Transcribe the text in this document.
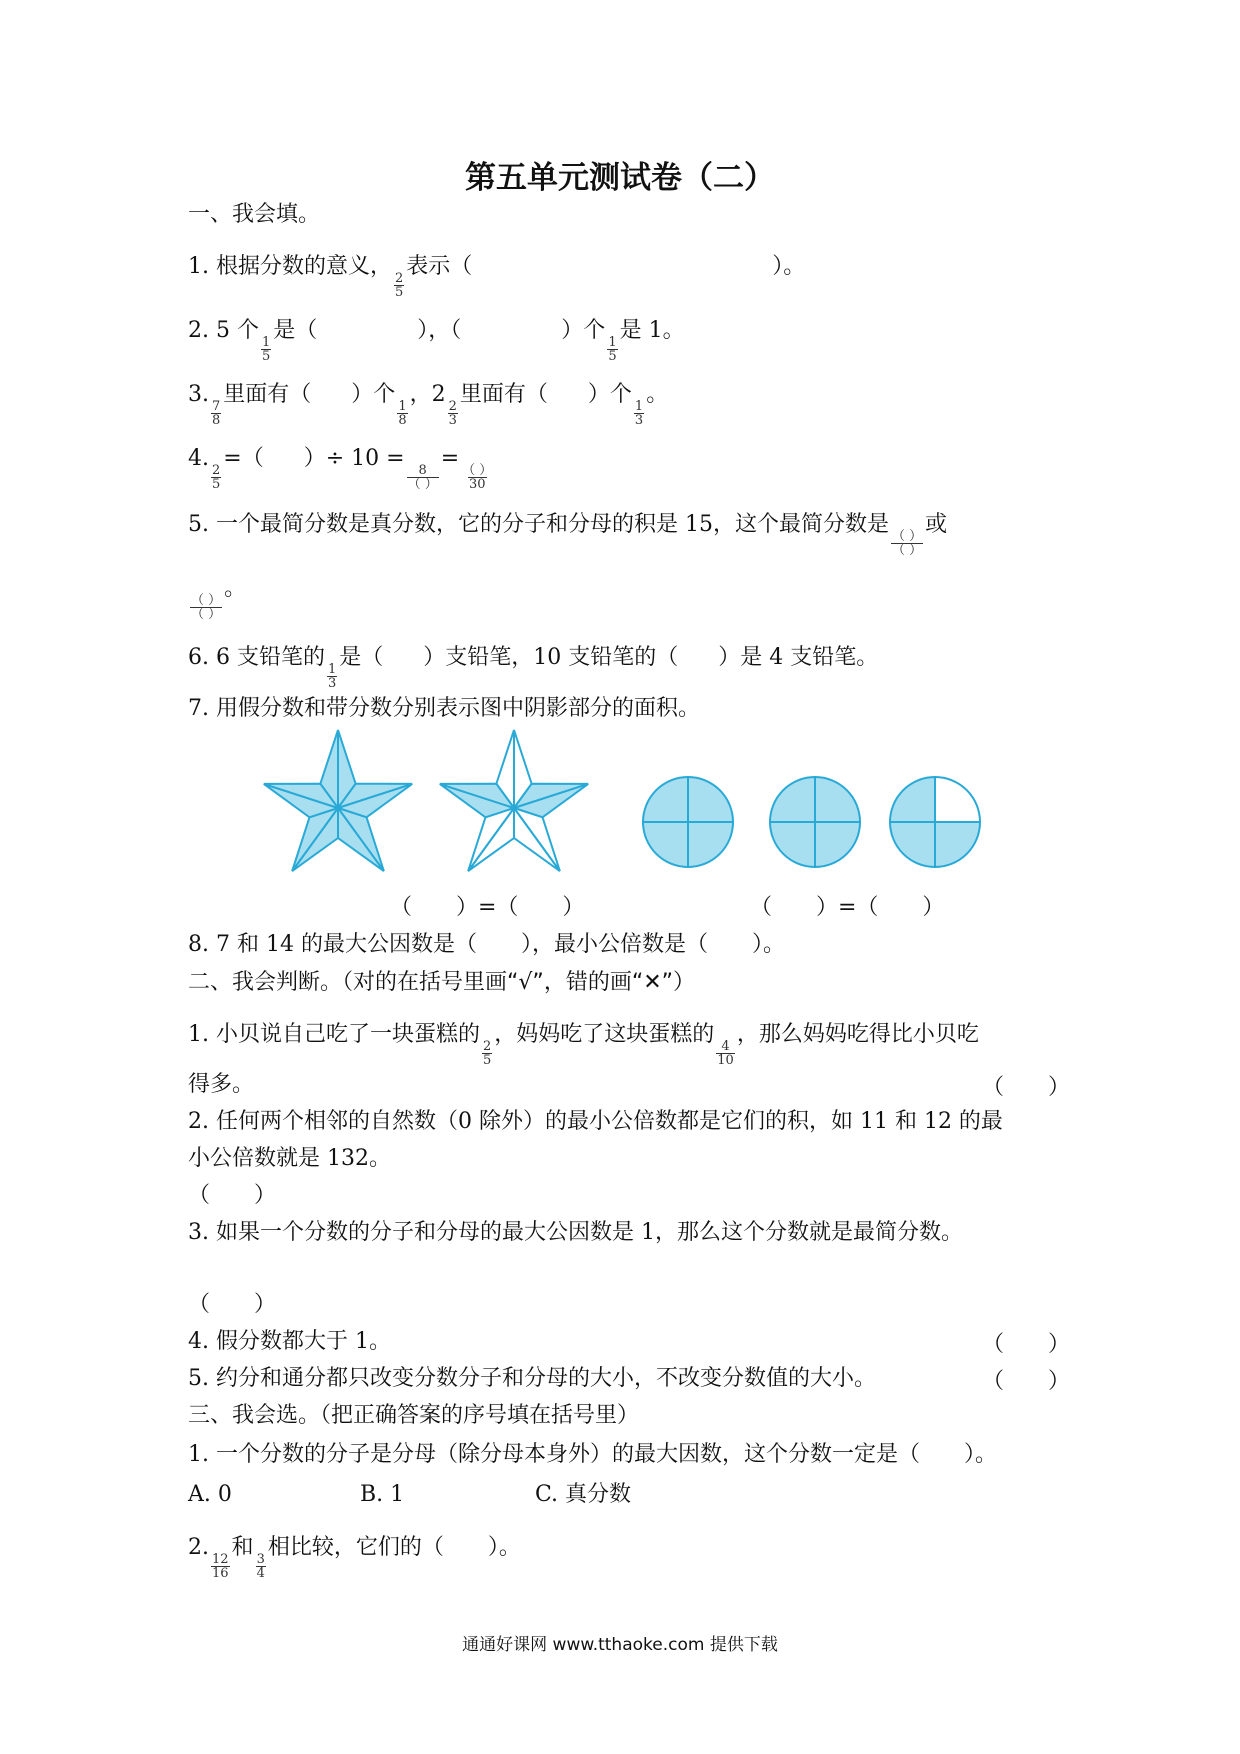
第五单元测试卷（二）
一、我会填。
1. 根据分数的意义，
$\frac{2}{5}$
表示（	）。
2. 5 个
$\frac{1}{5}$
是（	），（	）个
$\frac{1}{5}$
是 1。
3.
$\frac{7}{8}$
里面有（ ）个
$\frac{1}{8}$
，2
$\frac{2}{3}$
里面有（ ）个
$\frac{1}{3}$
。
4.
$\frac{2}{5}$
=（ ）÷ 10 =
$\frac{8}{( )}$
=
$\frac{( )}{30}$
5. 一个最简分数是真分数，它的分子和分母的积是 15，这个最简分数是
$\frac{( )}{( )}$
或
$\frac{( )}{( )}$
。
6. 6 支铅笔的
$\frac{1}{3}$
是（ ）支铅笔，10 支铅笔的（ ）是 4 支铅笔。
7. 用假分数和带分数分别表示图中阴影部分的面积。
（　　）=（　　）	（　　）=（　　）
8. 7 和 14 的最大公因数是（　　），最小公倍数是（　　）。
二、我会判断。（对的在括号里画“√”，错的画“✕”）
1. 小贝说自己吃了一块蛋糕的
$\frac{2}{5}$
，妈妈吃了这块蛋糕的
$\frac{4}{10}$
，那么妈妈吃得比小贝吃
得多。	（　　）
2. 任何两个相邻的自然数（0 除外）的最小公倍数都是它们的积，如 11 和 12 的最
小公倍数就是 132。
（　　）
3. 如果一个分数的分子和分母的最大公因数是 1，那么这个分数就是最简分数。
（　　）
4. 假分数都大于 1。	（　　）
5. 约分和通分都只改变分数分子和分母的大小，不改变分数值的大小。	（　　）
三、我会选。（把正确答案的序号填在括号里）
1. 一个分数的分子是分母（除分母本身外）的最大因数，这个分数一定是（　　）。
A. 0	B. 1	C. 真分数
2.
$\frac{12}{16}$
和
$\frac{3}{4}$
相比较，它们的（　　）。
通通好课网 www.tthaoke.com 提供下载
